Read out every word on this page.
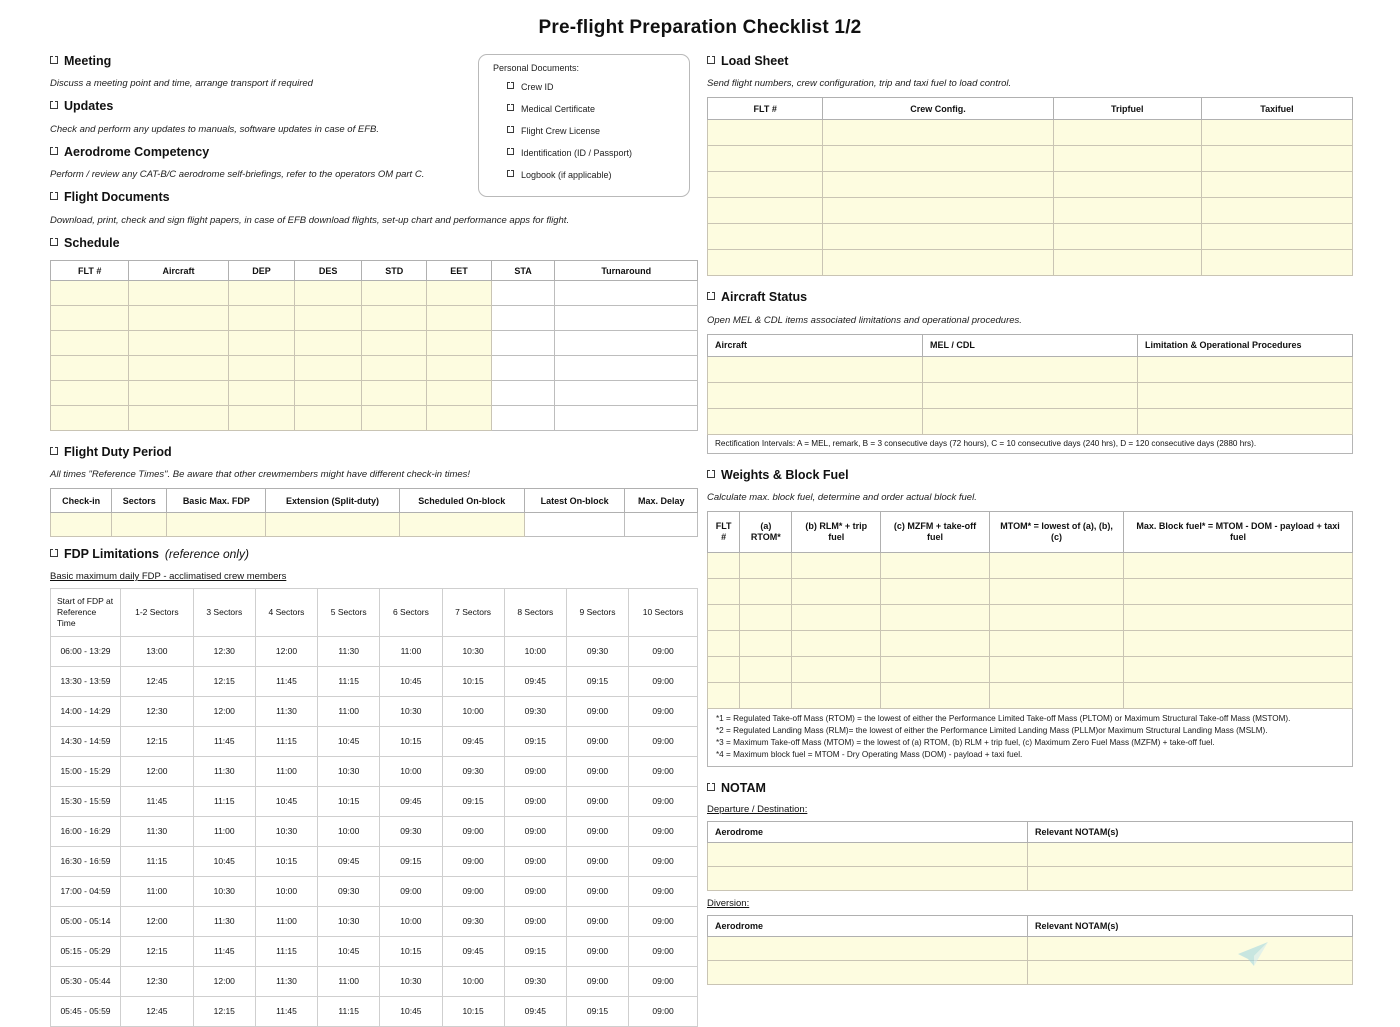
Pre-flight Preparation Checklist 1/2
Meeting
Discuss a meeting point and time, arrange transport if required
Updates
Check and perform any updates to manuals, software updates in case of EFB.
Aerodrome Competency
Perform / review any CAT-B/C aerodrome self-briefings, refer to the operators OM part C.
Flight Documents
Download, print, check and sign flight papers, in case of EFB download flights, set-up chart and performance apps for flight.
Schedule
FLT #	Aircraft	DEP	DES	STD	EET	STA	Turnaround

Flight Duty Period
All times "Reference Times". Be aware that other crewmembers might have different check-in times!
Check-in	Sectors	Basic Max. FDP	Extension (Split-duty)	Scheduled On-block	Latest On-block	Max. Delay

FDP Limitations (reference only)
Basic maximum daily FDP - acclimatised crew members
Start of FDP at Reference Time	1-2 Sectors	3 Sectors	4 Sectors	5 Sectors	6 Sectors	7 Sectors	8 Sectors	9 Sectors	10 Sectors
06:00 - 13:29	13:00	12:30	12:00	11:30	11:00	10:30	10:00	09:30	09:00
13:30 - 13:59	12:45	12:15	11:45	11:15	10:45	10:15	09:45	09:15	09:00
14:00 - 14:29	12:30	12:00	11:30	11:00	10:30	10:00	09:30	09:00	09:00
14:30 - 14:59	12:15	11:45	11:15	10:45	10:15	09:45	09:15	09:00	09:00
15:00 - 15:29	12:00	11:30	11:00	10:30	10:00	09:30	09:00	09:00	09:00
15:30 - 15:59	11:45	11:15	10:45	10:15	09:45	09:15	09:00	09:00	09:00
16:00 - 16:29	11:30	11:00	10:30	10:00	09:30	09:00	09:00	09:00	09:00
16:30 - 16:59	11:15	10:45	10:15	09:45	09:15	09:00	09:00	09:00	09:00
17:00 - 04:59	11:00	10:30	10:00	09:30	09:00	09:00	09:00	09:00	09:00
05:00 - 05:14	12:00	11:30	11:00	10:30	10:00	09:30	09:00	09:00	09:00
05:15 - 05:29	12:15	11:45	11:15	10:45	10:15	09:45	09:15	09:00	09:00
05:30 - 05:44	12:30	12:00	11:30	11:00	10:30	10:00	09:30	09:00	09:00
05:45 - 05:59	12:45	12:15	11:45	11:15	10:45	10:15	09:45	09:15	09:00
Personal Documents:
Crew ID
Medical Certificate
Flight Crew License
Identification (ID / Passport)
Logbook (if applicable)
Load Sheet
Send flight numbers, crew configuration, trip and taxi fuel to load control.
FLT #	Crew Config.	Tripfuel	Taxifuel

Aircraft Status
Open MEL & CDL items associated limitations and operational procedures.
Aircraft	MEL / CDL	Limitation & Operational Procedures

Rectification Intervals: A = MEL, remark, B = 3 consecutive days (72 hours), C = 10 consecutive days (240 hrs), D = 120 consecutive days (2880 hrs).		
Weights & Block Fuel
Calculate max. block fuel, determine and order actual block fuel.
FLT #	(a) RTOM*	(b) RLM* + trip fuel	(c) MZFM + take-off fuel	MTOM* = lowest of (a), (b), (c)	Max. Block fuel* = MTOM - DOM - payload + taxi fuel

*1 = Regulated Take-off Mass (RTOM) = the lowest of either the Performance Limited Take-off Mass (PLTOM) or Maximum Structural Take-off Mass (MSTOM).
*2 = Regulated Landing Mass (RLM)= the lowest of either the Performance Limited Landing Mass (PLLM)or Maximum Structural Landing Mass (MSLM).
*3 = Maximum Take-off Mass (MTOM) = the lowest of (a) RTOM, (b) RLM + trip fuel, (c) Maximum Zero Fuel Mass (MZFM) + take-off fuel.
*4 = Maximum block fuel = MTOM - Dry Operating Mass (DOM) - payload + taxi fuel.
NOTAM
Departure / Destination:
Aerodrome	Relevant NOTAM(s)

Diversion:
Aerodrome	Relevant NOTAM(s)
